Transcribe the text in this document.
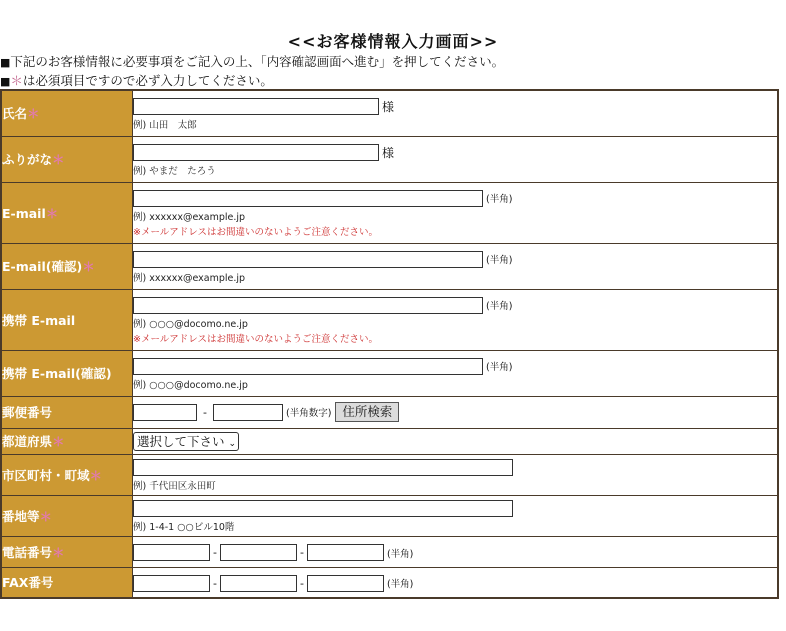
<<お客様情報入力画面>>
■下記のお客様情報に必要事項をご記入の上、「内容確認画面へ進む」を押してください。
■＊は必須項目ですので必ず入力してください。
氏名＊	様
例) 山田　太郎

ふりがな＊	様
例) やまだ　たろう

E-mail＊	(半角)
例) xxxxxx@example.jp
※メールアドレスはお間違いのないようご注意ください。

E-mail(確認)＊	(半角)
例) xxxxxx@example.jp

携帯 E-mail	(半角)
例) ○○○@docomo.ne.jp
※メールアドレスはお間違いのないようご注意ください。

携帯 E-mail(確認)	(半角)
例) ○○○@docomo.ne.jp

郵便番号	- (半角数字) 住所検索
都道府県＊	選択して下さい ⌄
市区町村・町域＊	例) 千代田区永田町

番地等＊	例) 1-4-1 ○○ビル10階

電話番号＊	- - (半角)
FAX番号	- - (半角)
